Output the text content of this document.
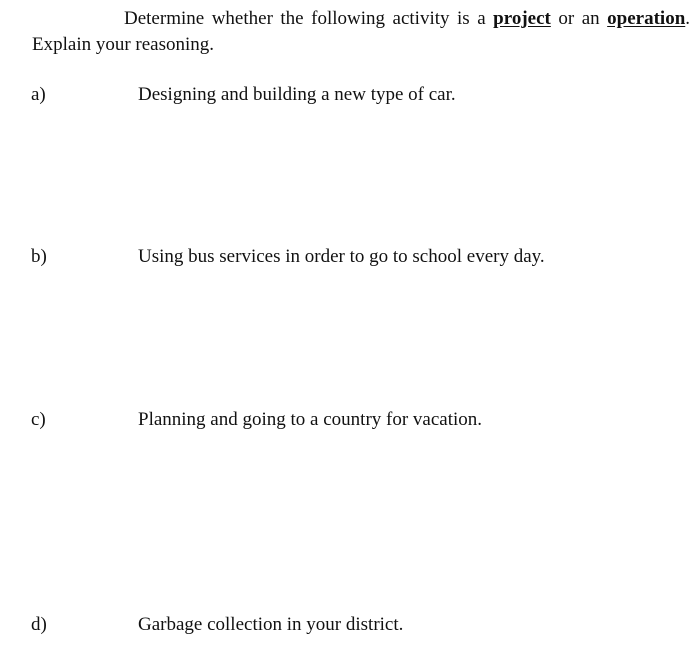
Determine whether the following activity is a project or an operation.
Explain your reasoning.
a)	Designing and building a new type of car.
b)	Using bus services in order to go to school every day.
c)	Planning and going to a country for vacation.
d)	Garbage collection in your district.
